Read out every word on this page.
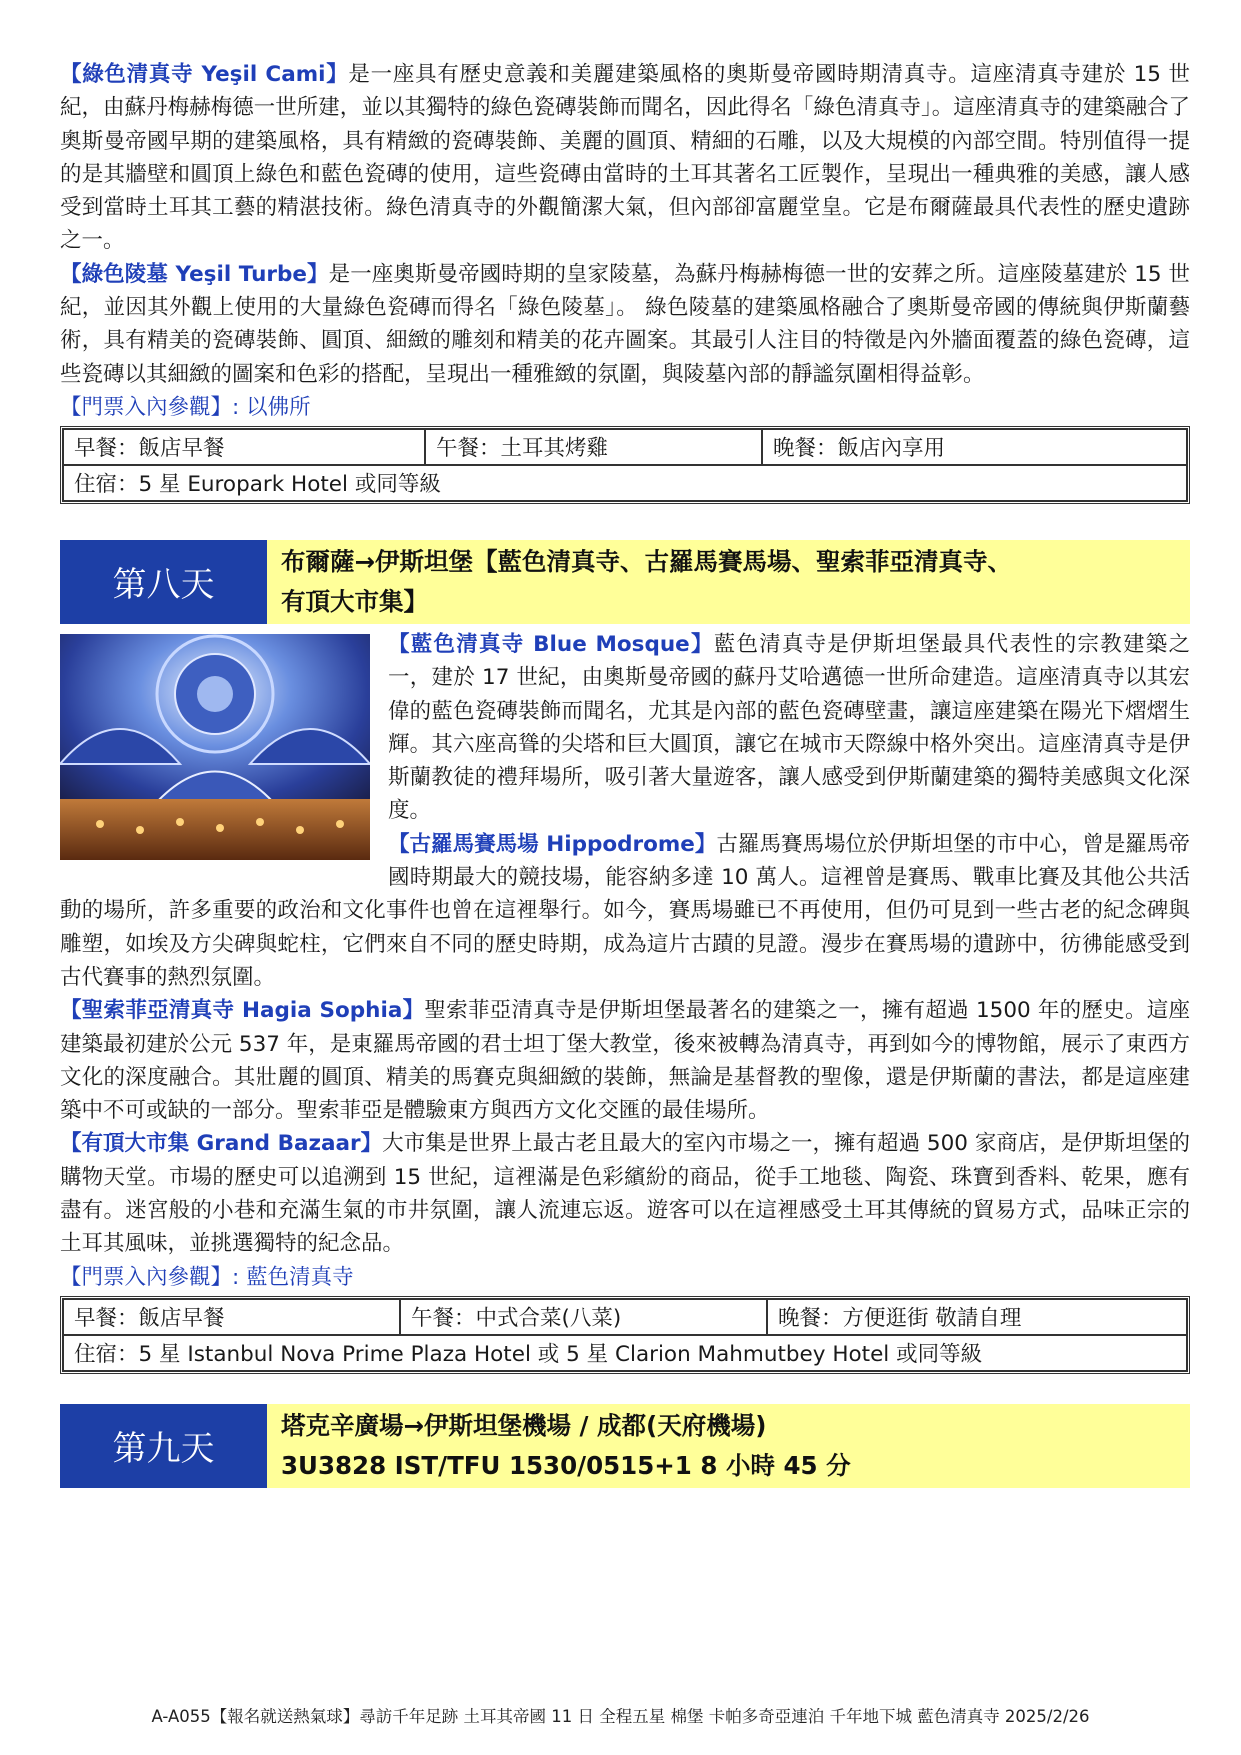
【綠色清真寺 Yeşil Cami】是一座具有歷史意義和美麗建築風格的奧斯曼帝國時期清真寺。這座清真寺建於 15 世紀，由蘇丹梅赫梅德一世所建，並以其獨特的綠色瓷磚裝飾而聞名，因此得名「綠色清真寺」。這座清真寺的建築融合了奧斯曼帝國早期的建築風格，具有精緻的瓷磚裝飾、美麗的圓頂、精細的石雕，以及大規模的內部空間。特別值得一提的是其牆壁和圓頂上綠色和藍色瓷磚的使用，這些瓷磚由當時的土耳其著名工匠製作，呈現出一種典雅的美感，讓人感受到當時土耳其工藝的精湛技術。綠色清真寺的外觀簡潔大氣，但內部卻富麗堂皇。它是布爾薩最具代表性的歷史遺跡之一。

【綠色陵墓 Yeşil Turbe】是一座奧斯曼帝國時期的皇家陵墓，為蘇丹梅赫梅德一世的安葬之所。這座陵墓建於 15 世紀，並因其外觀上使用的大量綠色瓷磚而得名「綠色陵墓」。 綠色陵墓的建築風格融合了奧斯曼帝國的傳統與伊斯蘭藝術，具有精美的瓷磚裝飾、圓頂、細緻的雕刻和精美的花卉圖案。其最引人注目的特徵是內外牆面覆蓋的綠色瓷磚，這些瓷磚以其細緻的圖案和色彩的搭配，呈現出一種雅緻的氛圍，與陵墓內部的靜謐氛圍相得益彰。

【門票入內參觀】: 以佛所

早餐：飯店早餐	午餐：土耳其烤雞	晚餐：飯店內享用
住宿：5 星 Europark Hotel 或同等級
第八天
布爾薩→伊斯坦堡【藍色清真寺、古羅馬賽馬場、聖索菲亞清真寺、
有頂大市集】

【藍色清真寺 Blue Mosque】藍色清真寺是伊斯坦堡最具代表性的宗教建築之一，建於 17 世紀，由奧斯曼帝國的蘇丹艾哈邁德一世所命建造。這座清真寺以其宏偉的藍色瓷磚裝飾而聞名，尤其是內部的藍色瓷磚壁畫，讓這座建築在陽光下熠熠生輝。其六座高聳的尖塔和巨大圓頂，讓它在城市天際線中格外突出。這座清真寺是伊斯蘭教徒的禮拜場所，吸引著大量遊客，讓人感受到伊斯蘭建築的獨特美感與文化深度。

【古羅馬賽馬場 Hippodrome】古羅馬賽馬場位於伊斯坦堡的市中心，曾是羅馬帝國時期最大的競技場，能容納多達 10 萬人。這裡曾是賽馬、戰車比賽及其他公共活動的場所，許多重要的政治和文化事件也曾在這裡舉行。如今，賽馬場雖已不再使用，但仍可見到一些古老的紀念碑與雕塑，如埃及方尖碑與蛇柱，它們來自不同的歷史時期，成為這片古蹟的見證。漫步在賽馬場的遺跡中，彷彿能感受到古代賽事的熱烈氛圍。

【聖索菲亞清真寺 Hagia Sophia】聖索菲亞清真寺是伊斯坦堡最著名的建築之一，擁有超過 1500 年的歷史。這座建築最初建於公元 537 年，是東羅馬帝國的君士坦丁堡大教堂，後來被轉為清真寺，再到如今的博物館，展示了東西方文化的深度融合。其壯麗的圓頂、精美的馬賽克與細緻的裝飾，無論是基督教的聖像，還是伊斯蘭的書法，都是這座建築中不可或缺的一部分。聖索菲亞是體驗東方與西方文化交匯的最佳場所。

【有頂大市集 Grand Bazaar】大市集是世界上最古老且最大的室內市場之一，擁有超過 500 家商店，是伊斯坦堡的購物天堂。市場的歷史可以追溯到 15 世紀，這裡滿是色彩繽紛的商品，從手工地毯、陶瓷、珠寶到香料、乾果，應有盡有。迷宮般的小巷和充滿生氣的市井氛圍，讓人流連忘返。遊客可以在這裡感受土耳其傳統的貿易方式，品味正宗的土耳其風味，並挑選獨特的紀念品。

【門票入內參觀】: 藍色清真寺

早餐：飯店早餐	午餐：中式合菜(八菜)	晚餐：方便逛街 敬請自理
住宿：5 星 Istanbul Nova Prime Plaza Hotel 或 5 星 Clarion Mahmutbey Hotel 或同等級
第九天
塔克辛廣場→伊斯坦堡機場 / 成都(天府機場)
3U3828 IST/TFU 1530/0515+1 8 小時 45 分
A-A055【報名就送熱氣球】尋訪千年足跡 土耳其帝國 11 日 全程五星 棉堡 卡帕多奇亞連泊 千年地下城 藍色清真寺 2025/2/26
